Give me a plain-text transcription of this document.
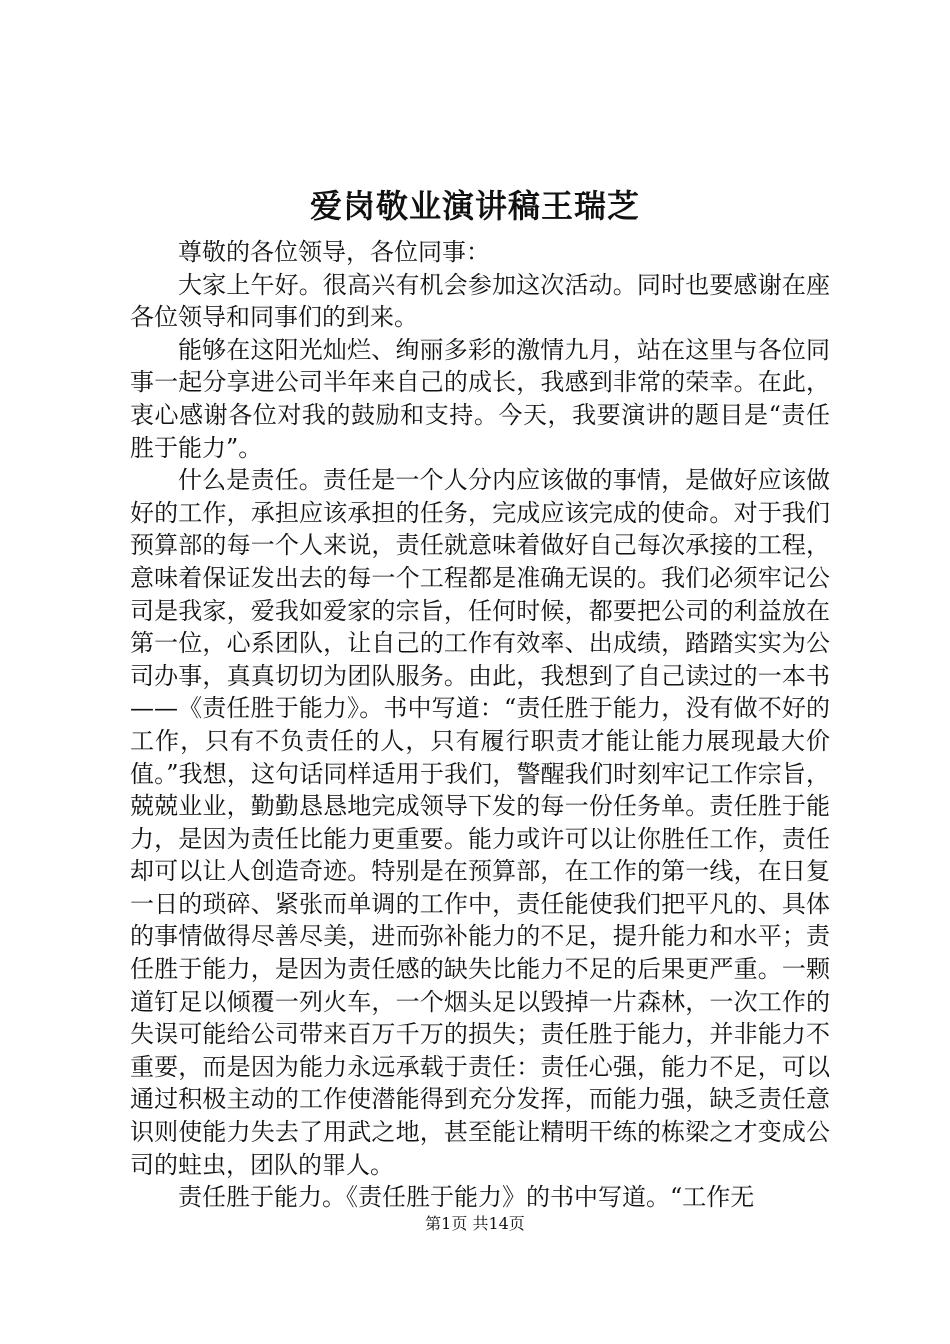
爱岗敬业演讲稿王瑞芝

尊敬的各位领导，各位同事：

大家上午好。很高兴有机会参加这次活动。同时也要感谢在座各位领导和同事们的到来。

能够在这阳光灿烂、绚丽多彩的激情九月，站在这里与各位同事一起分享进公司半年来自己的成长，我感到非常的荣幸。在此，衷心感谢各位对我的鼓励和支持。今天，我要演讲的题目是“责任胜于能力”。

什么是责任。责任是一个人分内应该做的事情，是做好应该做好的工作，承担应该承担的任务，完成应该完成的使命。对于我们预算部的每一个人来说，责任就意味着做好自己每次承接的工程，意味着保证发出去的每一个工程都是准确无误的。我们必须牢记公司是我家，爱我如爱家的宗旨，任何时候，都要把公司的利益放在第一位，心系团队，让自己的工作有效率、出成绩，踏踏实实为公司办事，真真切切为团队服务。由此，我想到了自己读过的一本书——《责任胜于能力》。书中写道：“责任胜于能力，没有做不好的工作，只有不负责任的人，只有履行职责才能让能力展现最大价值。”我想，这句话同样适用于我们，警醒我们时刻牢记工作宗旨，兢兢业业，勤勤恳恳地完成领导下发的每一份任务单。责任胜于能力，是因为责任比能力更重要。能力或许可以让你胜任工作，责任却可以让人创造奇迹。特别是在预算部，在工作的第一线，在日复一日的琐碎、紧张而单调的工作中，责任能使我们把平凡的、具体的事情做得尽善尽美，进而弥补能力的不足，提升能力和水平；责任胜于能力，是因为责任感的缺失比能力不足的后果更严重。一颗道钉足以倾覆一列火车，一个烟头足以毁掉一片森林，一次工作的失误可能给公司带来百万千万的损失；责任胜于能力，并非能力不重要，而是因为能力永远承载于责任：责任心强，能力不足，可以通过积极主动的工作使潜能得到充分发挥，而能力强，缺乏责任意识则使能力失去了用武之地，甚至能让精明干练的栋梁之才变成公司的蛀虫，团队的罪人。

责任胜于能力。《责任胜于能力》的书中写道。“工作无

第1页 共14页
